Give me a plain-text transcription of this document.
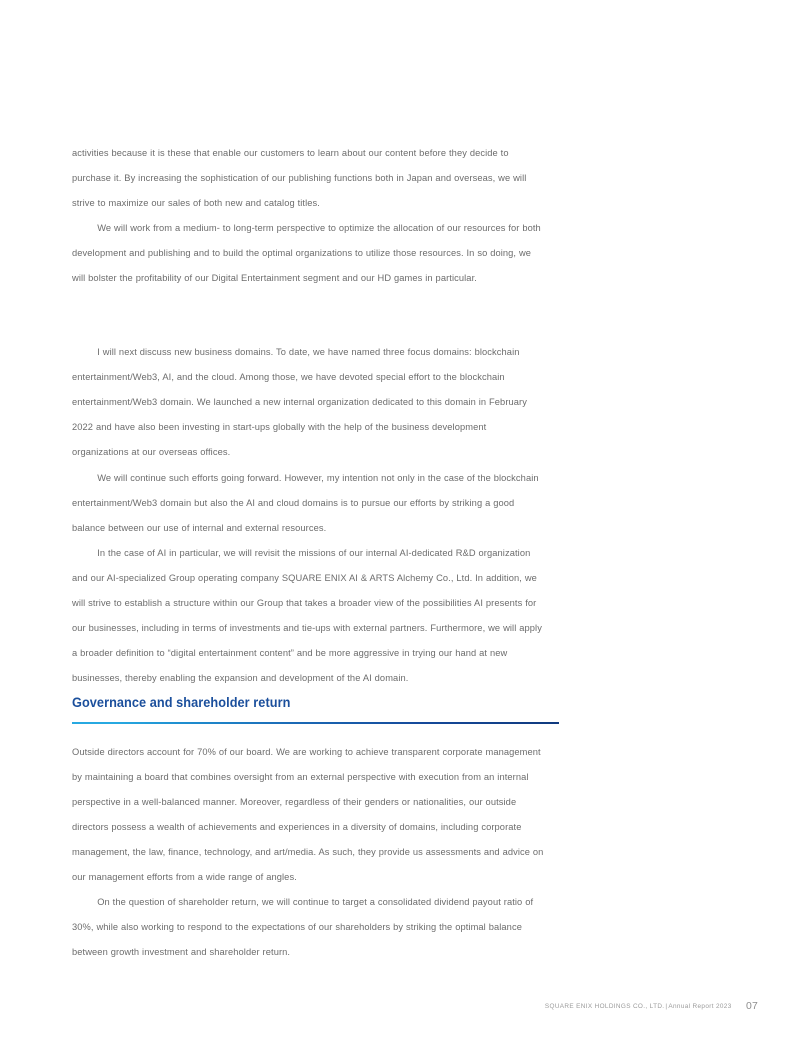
activities because it is these that enable our customers to learn about our content before they decide to purchase it. By increasing the sophistication of our publishing functions both in Japan and overseas, we will strive to maximize our sales of both new and catalog titles.

We will work from a medium- to long-term perspective to optimize the allocation of our resources for both development and publishing and to build the optimal organizations to utilize those resources. In so doing, we will bolster the profitability of our Digital Entertainment segment and our HD games in particular.

I will next discuss new business domains. To date, we have named three focus domains: blockchain entertainment/Web3, AI, and the cloud. Among those, we have devoted special effort to the blockchain entertainment/Web3 domain. We launched a new internal organization dedicated to this domain in February 2022 and have also been investing in start-ups globally with the help of the business development organizations at our overseas offices.

We will continue such efforts going forward. However, my intention not only in the case of the blockchain entertainment/Web3 domain but also the AI and cloud domains is to pursue our efforts by striking a good balance between our use of internal and external resources.

In the case of AI in particular, we will revisit the missions of our internal AI-dedicated R&D organization and our AI-specialized Group operating company SQUARE ENIX AI & ARTS Alchemy Co., Ltd. In addition, we will strive to establish a structure within our Group that takes a broader view of the possibilities AI presents for our businesses, including in terms of investments and tie-ups with external partners. Furthermore, we will apply a broader definition to “digital entertainment content” and be more aggressive in trying our hand at new businesses, thereby enabling the expansion and development of the AI domain.

Governance and shareholder return

Outside directors account for 70% of our board. We are working to achieve transparent corporate management by maintaining a board that combines oversight from an external perspective with execution from an internal perspective in a well-balanced manner. Moreover, regardless of their genders or nationalities, our outside directors possess a wealth of achievements and experiences in a diversity of domains, including corporate management, the law, finance, technology, and art/media. As such, they provide us assessments and advice on our management efforts from a wide range of angles.

On the question of shareholder return, we will continue to target a consolidated dividend payout ratio of 30%, while also working to respond to the expectations of our shareholders by striking the optimal balance between growth investment and shareholder return.

SQUARE ENIX HOLDINGS CO., LTD.|Annual Report 2023 07
